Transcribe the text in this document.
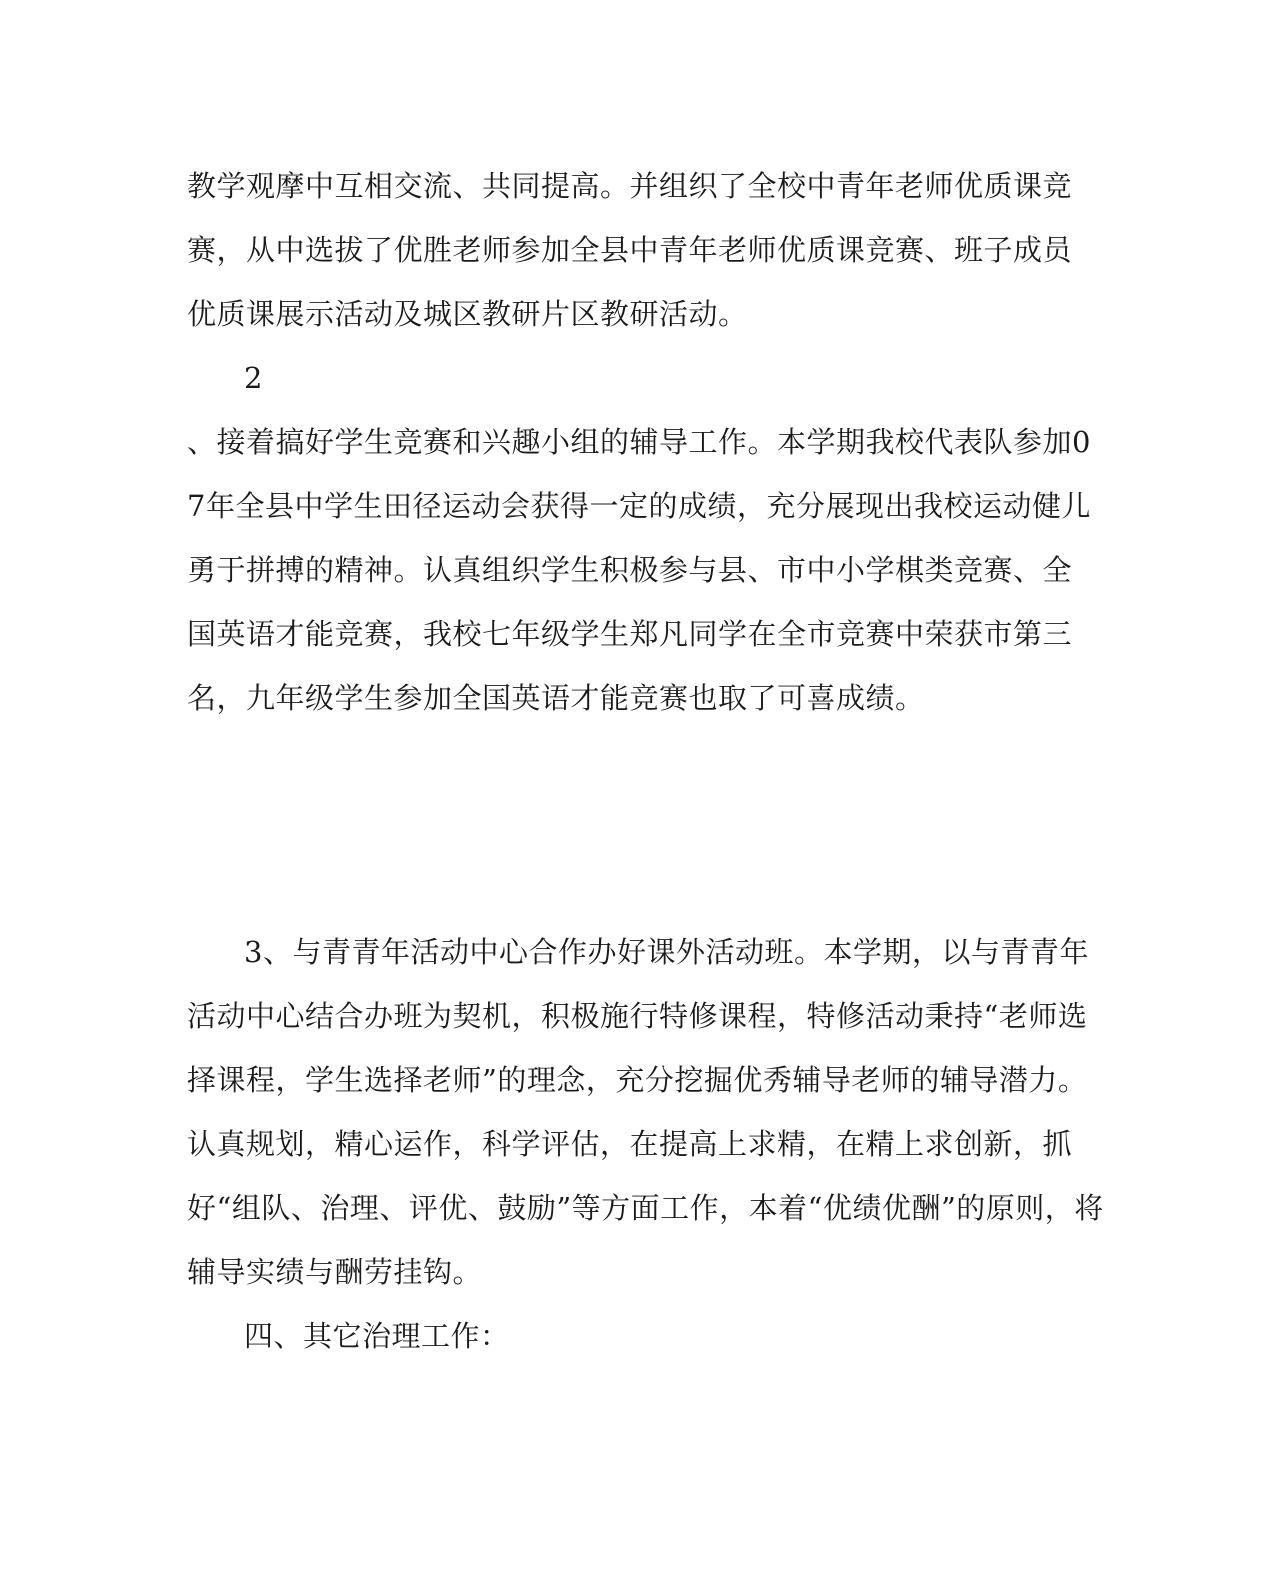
教学观摩中互相交流、共同提高。并组织了全校中青年老师优质课竞
赛，从中选拔了优胜老师参加全县中青年老师优质课竞赛、班子成员
优质课展示活动及城区教研片区教研活动。
2
、接着搞好学生竞赛和兴趣小组的辅导工作。本学期我校代表队参加0
7年全县中学生田径运动会获得一定的成绩，充分展现出我校运动健儿
勇于拼搏的精神。认真组织学生积极参与县、市中小学棋类竞赛、全
国英语才能竞赛，我校七年级学生郑凡同学在全市竞赛中荣获市第三
名，九年级学生参加全国英语才能竞赛也取了可喜成绩。
3、与青青年活动中心合作办好课外活动班。本学期，以与青青年
活动中心结合办班为契机，积极施行特修课程，特修活动秉持“老师选
择课程，学生选择老师”的理念，充分挖掘优秀辅导老师的辅导潜力。
认真规划，精心运作，科学评估，在提高上求精，在精上求创新，抓
好“组队、治理、评优、鼓励”等方面工作，本着“优绩优酬”的原则，将
辅导实绩与酬劳挂钩。
四、其它治理工作：
